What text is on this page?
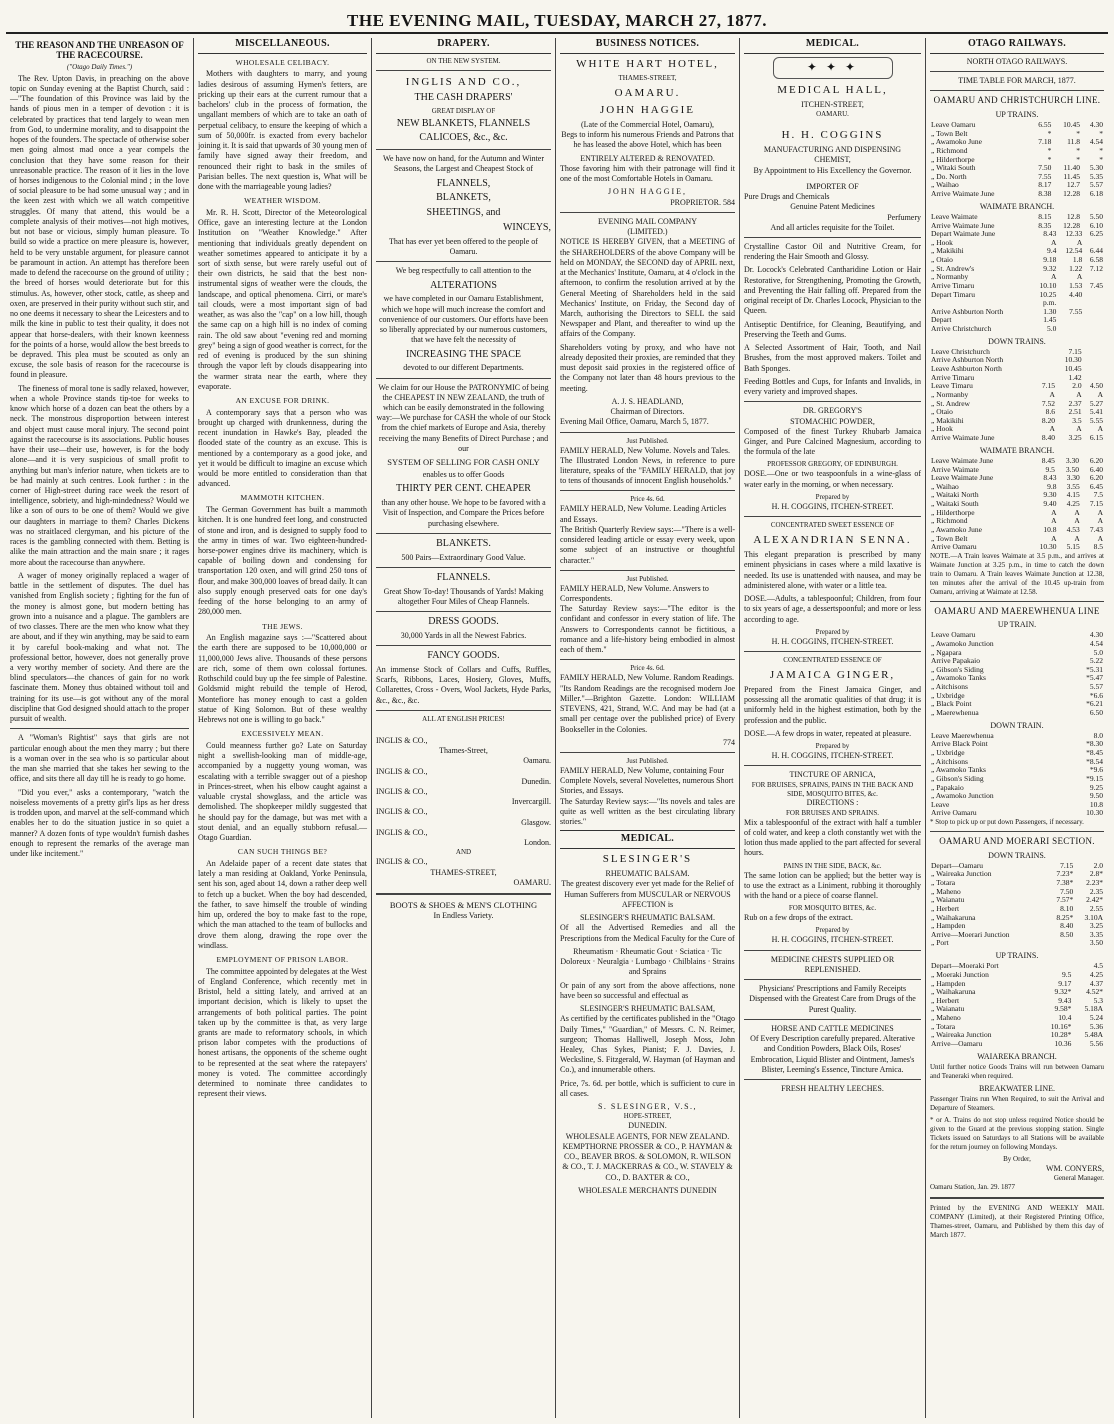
THE EVENING MAIL, TUESDAY, MARCH 27, 1877.
THE REASON AND THE UNREASON OF THE RACECOURSE.
("Otago Daily Times.")

The Rev. Upton Davis, in preaching on the above topic on Sunday evening at the Baptist Church, said :—"The foundation of this Province was laid by the hands of pious men in a temper of devotion : it is celebrated by practices that tend largely to wean men from God, to undermine morality, and to disappoint the hopes of the founders. The spectacle of otherwise sober men going almost mad once a year compels the conclusion that they have some reason for their unreasonable practice. The reason of it lies in the love of horses indigenous to the Colonial mind ; in the love of social pleasure to be had some unusual way ; and in the keen zest with which we all watch competitive struggles. Of many that attend, this would be a complete analysis of their motives—not high motives, but not base or vicious, simply human pleasure. To build so wide a practice on mere pleasure is, however, held to be very unstable argument, for pleasure cannot be paramount in action. An attempt has therefore been made to defend the racecourse on the ground of utility ; the breed of horses would deteriorate but for this stimulus. As, however, other stock, cattle, as sheep and oxen, are preserved in their purity without such stir, and no one deems it necessary to shear the Leicesters and to milk the kine in public to test their quality, it does not appear that horse-dealers, with their known keenness for the points of a horse, would allow the best breeds to be depraved. This plea must be scouted as only an excuse, the sole basis of reason for the racecourse is found in pleasure.

The fineness of moral tone is sadly relaxed, however, when a whole Province stands tip-toe for weeks to know which horse of a dozen can beat the others by a neck. The monstrous disproportion between interest and object must cause moral injury. The second point against the racecourse is its associations. Public houses have their use—their use, however, is for the body alone—and it is very suspicious of small profit to anything but man's inferior nature, when tickets are to be had mainly at such centres. Look further : in the corner of High-street during race week the resort of intelligence, sobriety, and high-mindedness? Would we like a son of ours to be one of them? Would we give our daughters in marriage to them? Charles Dickens was no straitlaced clergyman, and his picture of the races is the gambling connected with them. Betting is alike the main attraction and the main snare ; it rages more about the racecourse than anywhere.

A wager of money originally replaced a wager of battle in the settlement of disputes. The duel has vanished from English society ; fighting for the fun of the money is almost gone, but modern betting has grown into a nuisance and a plague. The gamblers are of two classes. There are the men who know what they are about, and if they win anything, may be said to earn it by careful book-making and what not. The professional bettor, however, does not generally prove a very worthy member of society. And there are the blind speculators—the chances of gain for no work fascinate them. Money thus obtained without toil and training for its use—is got without any of the moral discipline that God designed should attach to the proper pursuit of wealth.

A "Woman's Rightist" says that girls are not particular enough about the men they marry ; but there is a woman over in the sea who is so particular about the man she married that she takes her sewing to the office, and sits there all day till he is ready to go home.

"Did you ever," asks a contemporary, "watch the noiseless movements of a pretty girl's lips as her dress is trodden upon, and marvel at the self-command which enables her to do the situation justice in so quiet a manner? A dozen fonts of type wouldn't furnish dashes enough to represent the remarks of the average man under like incitement."

MISCELLANEOUS.
WHOLESALE CELIBACY.

Mothers with daughters to marry, and young ladies desirous of assuming Hymen's fetters, are pricking up their ears at the current rumour that a bachelors' club in the process of formation, the ungallant members of which are to take an oath of perpetual celibacy, to ensure the keeping of which a sum of 50,000fr. is exacted from every bachelor joining it. It is said that upwards of 30 young men of family have signed away their freedom, and renounced their right to bask in the smiles of Parisian belles. The next question is, What will be done with the marriageable young ladies?

WEATHER WISDOM.

Mr. R. H. Scott, Director of the Meteorological Office, gave an interesting lecture at the London Institution on "Weather Knowledge." After mentioning that individuals greatly dependent on weather sometimes appeared to anticipate it by a sort of sixth sense, but were rarely useful out of their own districts, he said that the best non-instrumental signs of weather were the clouds, the landscape, and optical phenomena. Cirri, or mare's tail clouds, were a most important sign of bad weather, as was also the "cap" on a low hill, though the same cap on a high hill is no index of coming rain. The old saw about "evening red and morning grey" being a sign of good weather is correct, for the red of evening is produced by the sun shining through the vapor left by clouds disappearing into the warmer strata near the earth, where they evaporate.

AN EXCUSE FOR DRINK.

A contemporary says that a person who was brought up charged with drunkenness, during the recent inundation in Hawke's Bay, pleaded the flooded state of the country as an excuse. This is mentioned by a contemporary as a good joke, and yet it would be difficult to imagine an excuse which would be more entitled to consideration than that advanced.

MAMMOTH KITCHEN.

The German Government has built a mammoth kitchen. It is one hundred feet long, and constructed of stone and iron, and is designed to supply food to the army in times of war. Two eighteen-hundred-horse-power engines drive its machinery, which is capable of boiling down and condensing for transportation 120 oxen, and will grind 250 tons of flour, and make 300,000 loaves of bread daily. It can also supply enough preserved oats for one day's feeding of the horse belonging to an army of 280,000 men.

THE JEWS.

An English magazine says :—"Scattered about the earth there are supposed to be 10,000,000 or 11,000,000 Jews alive. Thousands of these persons are rich, some of them own colossal fortunes. Rothschild could buy up the fee simple of Palestine. Goldsmid might rebuild the temple of Herod, Montefiore has money enough to cast a golden statue of King Solomon. But of these wealthy Hebrews not one is willing to go back."

EXCESSIVELY MEAN.

Could meanness further go? Late on Saturday night a swellish-looking man of middle-age, accompanied by a nuggetty young woman, was escalating with a terrible swagger out of a pieshop in Princes-street, when his elbow caught against a valuable crystal showglass, and the article was demolished. The shopkeeper mildly suggested that he should pay for the damage, but was met with a stout denial, and an equally stubborn refusal.—Otago Guardian.

CAN SUCH THINGS BE?

An Adelaide paper of a recent date states that lately a man residing at Oakland, Yorke Peninsula, sent his son, aged about 14, down a rather deep well to fetch up a bucket. When the boy had descended, the father, to save himself the trouble of winding him up, ordered the boy to make fast to the rope, which the man attached to the team of bullocks and drove them along, drawing the rope over the windlass.

EMPLOYMENT OF PRISON LABOR.

The committee appointed by delegates at the West of England Conference, which recently met in Bristol, held a sitting lately, and arrived at an important decision, which is likely to upset the arrangements of both political parties. The point taken up by the committee is that, as very large grants are made to reformatory schools, in which prison labor competes with the productions of honest artisans, the opponents of the scheme ought to be represented at the seat where the ratepayers' money is voted. The committee accordingly determined to nominate three candidates to represent their views.

DRAPERY.
ON THE NEW SYSTEM.
INGLIS AND CO.,
THE CASH DRAPERS'
GREAT DISPLAY OF
NEW BLANKETS, FLANNELS
CALICOES, &c., &c.

We have now on hand, for the Autumn and Winter Seasons, the Largest and Cheapest Stock of

FLANNELS,
BLANKETS,
SHEETINGS, and
WINCEYS,

That has ever yet been offered to the people of Oamaru.

We beg respectfully to call attention to the

ALTERATIONS

we have completed in our Oamaru Establishment, which we hope will much increase the comfort and convenience of our customers. Our efforts have been so liberally appreciated by our numerous customers, that we have felt the necessity of

INCREASING THE SPACE

devoted to our different Departments.

We claim for our House the PATRONYMIC of being the CHEAPEST IN NEW ZEALAND, the truth of which can be easily demonstrated in the following way:—We purchase for CASH the whole of our Stock from the chief markets of Europe and Asia, thereby receiving the many Benefits of Direct Purchase ; and our

SYSTEM OF SELLING FOR CASH ONLY

enables us to offer Goods

THIRTY PER CENT. CHEAPER

than any other house. We hope to be favored with a Visit of Inspection, and Compare the Prices before purchasing elsewhere.

BLANKETS.

500 Pairs—Extraordinary Good Value.

FLANNELS.

Great Show To-day! Thousands of Yards! Making altogether Four Miles of Cheap Flannels.

DRESS GOODS.

30,000 Yards in all the Newest Fabrics.

FANCY GOODS.

An immense Stock of Collars and Cuffs, Ruffles, Scarfs, Ribbons, Laces, Hosiery, Gloves, Muffs, Collarettes, Cross - Overs, Wool Jackets, Hyde Parks, &c., &c., &c.

ALL AT ENGLISH PRICES!
INGLIS & CO.,
Thames-Street,
Oamaru.
INGLIS & CO.,
Dunedin.
INGLIS & CO.,
Invercargill.
INGLIS & CO.,
Glasgow.
INGLIS & CO.,
London.
AND
INGLIS & CO.,
THAMES-STREET,
OAMARU.
BOOTS & SHOES & MEN'S CLOTHING
In Endless Variety.
BUSINESS NOTICES.
WHITE HART HOTEL,
THAMES-STREET,
OAMARU.
JOHN HAGGIE
(Late of the Commercial Hotel, Oamaru),

Begs to inform his numerous Friends and Patrons that he has leased the above Hotel, which has been

ENTIRELY ALTERED & RENOVATED.

Those favoring him with their patronage will find it one of the most Comfortable Hotels in Oamaru.

JOHN HAGGIE,
PROPRIETOR. 584
EVENING MAIL COMPANY
(LIMITED.)

NOTICE IS HEREBY GIVEN, that a MEETING of the SHAREHOLDERS of the above Company will be held on MONDAY, the SECOND day of APRIL next, at the Mechanics' Institute, Oamaru, at 4 o'clock in the afternoon, to confirm the resolution arrived at by the General Meeting of Shareholders held in the said Mechanics' Institute, on Friday, the Second day of March, authorising the Directors to SELL the said Newspaper and Plant, and thereafter to wind up the affairs of the Company.

Shareholders voting by proxy, and who have not already deposited their proxies, are reminded that they must deposit said proxies in the registered office of the Company not later than 48 hours previous to the meeting.

A. J. S. HEADLAND,
Chairman of Directors.
Evening Mail Office, Oamaru, March 5, 1877.
Just Published.
FAMILY HERALD, New Volume. Novels and Tales.

The Illustrated London News, in reference to pure literature, speaks of the "FAMILY HERALD, that joy to tens of thousands of innocent English households."

Price 4s. 6d.
FAMILY HERALD, New Volume. Leading Articles and Essays.

The British Quarterly Review says:—"There is a well-considered leading article or essay every week, upon some subject of an instructive or thoughtful character."

Just Published.
FAMILY HERALD, New Volume. Answers to Correspondents.

The Saturday Review says:—"The editor is the confidant and confessor in every station of life. The Answers to Correspondents cannot be fictitious, a romance and a life-history being embodied in almost each of them."

Price 4s. 6d.
FAMILY HERALD, New Volume. Random Readings.

"Its Random Readings are the recognised modern Joe Miller."—Brighton Gazette. London: WILLIAM STEVENS, 421, Strand, W.C. And may be had (at a small per centage over the published price) of Every Bookseller in the Colonies.

774
Just Published.
FAMILY HERALD, New Volume, containing Four Complete Novels, several Novelettes, numerous Short Stories, and Essays.

The Saturday Review says:—"Its novels and tales are quite as well written as the best circulating library stories."

MEDICAL.
SLESINGER'S
RHEUMATIC BALSAM.

The greatest discovery ever yet made for the Relief of Human Sufferers from MUSCULAR or NERVOUS AFFECTION is

SLESINGER'S RHEUMATIC BALSAM.

Of all the Advertised Remedies and all the Prescriptions from the Medical Faculty for the Cure of

Rheumatism · Rheumatic Gout · Sciatica · Tic Doloreux · Neuralgia · Lumbago · Chilblains · Strains and Sprains

Or pain of any sort from the above affections, none have been so successful and effectual as

SLESINGER'S RHEUMATIC BALSAM,

As certified by the certificates published in the "Otago Daily Times," "Guardian," of Messrs. C. N. Reimer, surgeon; Thomas Halliwell, Joseph Moss, John Healey, Chas Sykes, Pianist; F. J. Davies, J. Wecksline, S. Fitzgerald, W. Hayman (of Hayman and Co.), and innumerable others.

Price, 7s. 6d. per bottle, which is sufficient to cure in all cases.

S. SLESINGER, V.S.,
HOPE-STREET,
DUNEDIN.
WHOLESALE AGENTS, FOR NEW ZEALAND.

KEMPTHORNE PROSSER & CO., P. HAYMAN & CO., BEAVER BROS. & SOLOMON, R. WILSON & CO., T. J. MACKERRAS & CO., W. STAVELY & CO., D. BAXTER & CO.,

WHOLESALE MERCHANTS DUNEDIN
MEDICAL.
✦ ✦ ✦
MEDICAL HALL,
ITCHEN-STREET,
OAMARU.
H. H. COGGINS
MANUFACTURING AND DISPENSING
CHEMIST,
By Appointment to His Excellency the Governor.
IMPORTER OF
Pure Drugs and Chemicals
Genuine Patent Medicines
Perfumery
And all articles requisite for the Toilet.

Crystalline Castor Oil and Nutritive Cream, for rendering the Hair Smooth and Glossy.

Dr. Locock's Celebrated Cantharidine Lotion or Hair Restorative, for Strengthening, Promoting the Growth, and Preventing the Hair falling off. Prepared from the original receipt of Dr. Charles Locock, Physician to the Queen.

Antiseptic Dentifrice, for Cleaning, Beautifying, and Preserving the Teeth and Gums.

A Selected Assortment of Hair, Tooth, and Nail Brushes, from the most approved makers. Toilet and Bath Sponges.

Feeding Bottles and Cups, for Infants and Invalids, in every variety and improved shapes.

DR. GREGORY'S
STOMACHIC POWDER,

Composed of the finest Turkey Rhubarb Jamaica Ginger, and Pure Calcined Magnesium, according to the formula of the late

PROFESSOR GREGORY, OF EDINBURGH.

DOSE.—One or two teaspoonfuls in a wine-glass of water early in the morning, or when necessary.

Prepared by
H. H. COGGINS, ITCHEN-STREET.
CONCENTRATED SWEET ESSENCE OF
ALEXANDRIAN SENNA.

This elegant preparation is prescribed by many eminent physicians in cases where a mild laxative is needed. Its use is unattended with nausea, and may be administered alone, with water or a little tea.

DOSE.—Adults, a tablespoonful; Children, from four to six years of age, a dessertspoonful; and more or less according to age.

Prepared by
H. H. COGGINS, ITCHEN-STREET.
CONCENTRATED ESSENCE OF
JAMAICA GINGER,

Prepared from the Finest Jamaica Ginger, and possessing all the aromatic qualities of that drug; it is uniformly held in the highest estimation, both by the profession and the public.

DOSE.—A few drops in water, repeated at pleasure.

Prepared by
H. H. COGGINS, ITCHEN-STREET.
TINCTURE OF ARNICA,
FOR BRUISES, SPRAINS, PAINS IN THE BACK AND SIDE, MOSQUITO BITES, &c.
DIRECTIONS :
FOR BRUISES AND SPRAINS.

Mix a tablespoonful of the extract with half a tumbler of cold water, and keep a cloth constantly wet with the lotion thus made applied to the part affected for several hours.

PAINS IN THE SIDE, BACK, &c.

The same lotion can be applied; but the better way is to use the extract as a Liniment, rubbing it thoroughly with the hand or a piece of coarse flannel.

FOR MOSQUITO BITES, &c.

Rub on a few drops of the extract.

Prepared by
H. H. COGGINS, ITCHEN-STREET.
MEDICINE CHESTS SUPPLIED OR REPLENISHED.

Physicians' Prescriptions and Family Receipts Dispensed with the Greatest Care from Drugs of the Purest Quality.

HORSE AND CATTLE MEDICINES

Of Every Description carefully prepared. Alterative and Condition Powders, Black Oils, Roses' Embrocation, Liquid Blister and Ointment, James's Blister, Leeming's Essence, Tincture Arnica.

FRESH HEALTHY LEECHES.
OTAGO RAILWAYS.
NORTH OTAGO RAILWAYS.
TIME TABLE FOR MARCH, 1877.
OAMARU AND CHRISTCHURCH LINE.
UP TRAINS.
Leave Oamaru	6.55	10.45	4.30
„ Town Belt	*	*	*
„ Awamoko June	7.18	11.8	4.54
„ Richmond	*	*	*
„ Hilderthorpe	*	*	*
„ Witaki South	7.50	11.40	5.30
„ Do. North	7.55	11.45	5.35
„ Waihao	8.17	12.7	5.57
Arrive Waimate June	8.38	12.28	6.18
WAIMATE BRANCH.
Leave Waimate	8.15	12.8	5.50
Arrive Waimate June	8.35	12.28	6.10
Depart Waimate June	8.43	12.33	6.25
„ Hook	A	A	
„ Makikihi	9.4	12.54	6.44
„ Otaio	9.18	1.8	6.58
„ St. Andrew's	9.32	1.22	7.12
„ Normanby	A	A	
Arrive Timaru	10.10	1.53	7.45
Depart Timaru	10.25	4.40	
	p.m.		
Arrive Ashburton North	1.30	7.55	
Depart	1.45		
Arrive Christchurch	5.0		
DOWN TRAINS.
Leave Christchurch		7.15	
Arrive Ashburton North		10.30	
Leave Ashburton North		10.45	
Arrive Timaru		1.42	
Leave Timaru	7.15	2.0	4.50
„ Normanby	A	A	A
„ St. Andrew	7.52	2.37	5.27
„ Otaio	8.6	2.51	5.41
„ Makikihi	8.20	3.5	5.55
„ Hook	A	A	A
Arrive Waimate June	8.40	3.25	6.15
WAIMATE BRANCH.
Leave Waimate June	8.45	3.30	6.20
Arrive Waimate	9.5	3.50	6.40
Leave Waimate June	8.43	3.30	6.20
„ Waihao	9.8	3.55	6.45
„ Waitaki North	9.30	4.15	7.5
„ Waitaki South	9.40	4.25	7.15
„ Hilderthorpe	A	A	A
„ Richmond	A	A	A
„ Awamoko June	10.8	4.53	7.43
„ Town Belt	A	A	A
Arrive Oamaru	10.30	5.15	8.5

NOTE.—A Train leaves Waimate at 3.5 p.m., and arrives at Waimate Junction at 3.25 p.m., in time to catch the down train to Oamaru. A Train leaves Waimate Junction at 12.38, ten minutes after the arrival of the 10.45 up-train from Oamaru, arriving at Waimate at 12.58.

OAMARU AND MAEREWHENUA LINE
UP TRAIN.
Leave Oamaru	4.30
„ Awamoko Junction	4.54
„ Ngapara	5.0
Arrive Papakaio	5.22
„ Gibson's Siding	*5.31
„ Awamoko Tanks	*5.47
„ Aitchisons	5.57
„ Uxbridge	*6.6
„ Black Point	*6.21
„ Maerewhenua	6.50
DOWN TRAIN.
Leave Maerewhenua	8.0
Arrive Black Point	*8.30
„ Uxbridge	*8.45
„ Aitchisons	*8.54
„ Awamoko Tanks	*9.6
„ Gibson's Siding	*9.15
„ Papakaio	9.25
„ Awamoko Junction	9.50
Leave	10.8
Arrive Oamaru	10.30

* Stop to pick up or put down Passengers, if necessary.

OAMARU AND MOERARI SECTION.
DOWN TRAINS.
Depart—Oamaru	7.15	2.0
„ Waireaka Junction	7.23*	2.8*
„ Totara	7.38*	2.23*
„ Maheno	7.50	2.35
„ Waianatu	7.57*	2.42*
„ Herbert	8.10	2.55
„ Waihakaruna	8.25*	3.10A
„ Hampden	8.40	3.25
Arrive—Moerari Junction	8.50	3.35
„ Port		3.50
UP TRAINS.
Depart—Moeraki Port		4.5
„ Moeraki Junction	9.5	4.25
„ Hampden	9.17	4.37
„ Waihakaruna	9.32*	4.52*
„ Herbert	9.43	5.3
„ Waianatu	9.58*	5.18A
„ Maheno	10.4	5.24
„ Totara	10.16*	5.36
„ Waireaka Junction	10.28*	5.48A
Arrive—Oamaru	10.36	5.56
WAIAREKA BRANCH.

Until further notice Goods Trains will run between Oamaru and Teaneraki when required.

BREAKWATER LINE.

Passenger Trains run When Required, to suit the Arrival and Departure of Steamers.

* or A. Trains do not stop unless required Notice should be given to the Guard at the previous stopping station. Single Tickets issued on Saturdays to all Stations will be available for the return journey on following Mondays.

By Order,
WM. CONYERS,
General Manager.
Oamaru Station, Jan. 29. 1877

Printed by the EVENING AND WEEKLY MAIL COMPANY (Limited), at their Registered Printing Office, Thames-street, Oamaru, and Published by them this day of March 1877.
